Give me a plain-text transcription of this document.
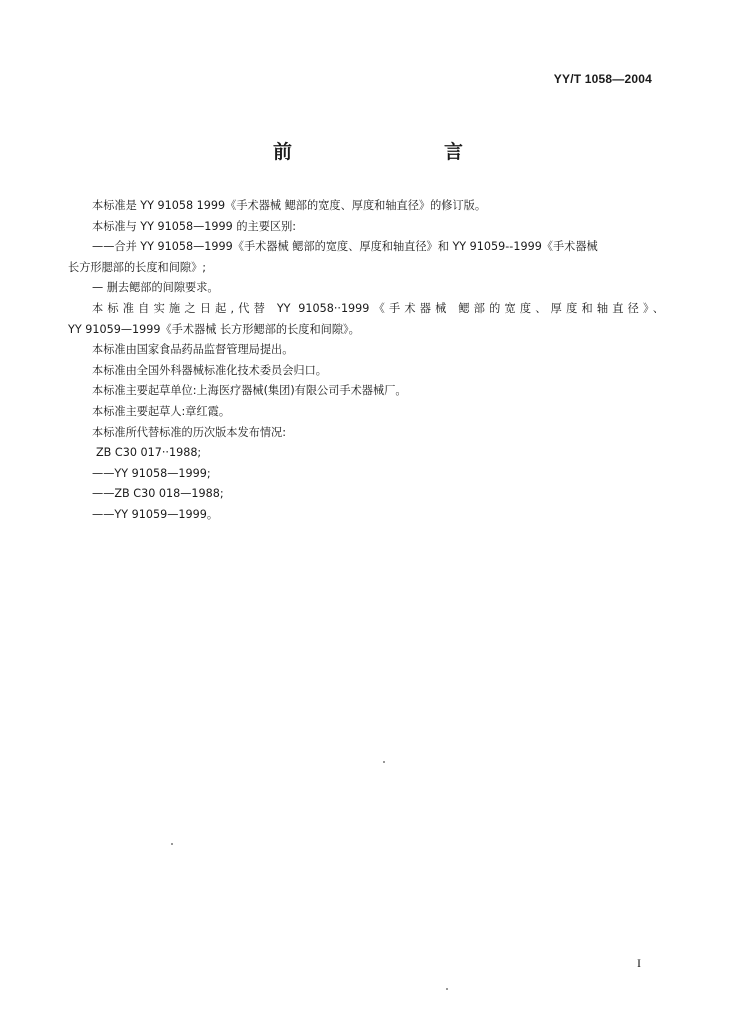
YY/T 1058—2004
前　　言
本标准是 YY 91058 1999《手术器械 鳃部的宽度、厚度和轴直径》的修订版。
本标准与 YY 91058—1999 的主要区别:
——合并 YY 91058—1999《手术器械 鳃部的宽度、厚度和轴直径》和 YY 91059--1999《手术器械
长方形腮部的长度和间隙》;
— 删去鳃部的间隙要求。
本标准自实施之日起,代替 YY 91058··1999《手术器械 鳃部的宽度、厚度和轴直径》、
YY 91059—1999《手术器械 长方形鳃部的长度和间隙》。
本标准由国家食品药品监督管理局提出。
本标准由全国外科器械标准化技术委员会归口。
本标准主要起草单位:上海医疗器械(集团)有限公司手术器械厂。
本标准主要起草人:章红霞。
本标准所代替标准的历次版本发布情况:
ZB C30 017··1988;
——YY 91058—1999;
——ZB C30 018—1988;
——YY 91059—1999。
I
